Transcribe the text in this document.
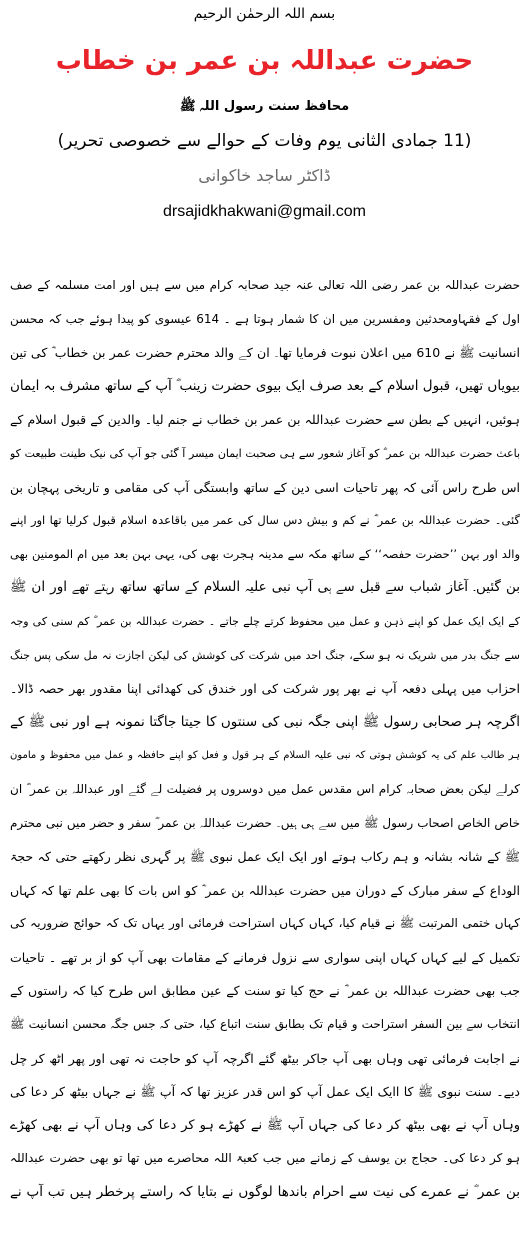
بسم اللہ الرحمٰن الرحیم
حضرت عبداللہ بن عمر بن خطاب
محافظ سنت رسول اللہ ﷺ
(11 جمادی الثانی یوم وفات کے حوالے سے خصوصی تحریر)
ڈاکٹر ساجد خاکوانی
drsajidkhakwani@gmail.com
حضرت عبداللہ بن عمر رضی اللہ تعالی عنہ جید صحابہ کرام میں سے ہیں اور امت مسلمہ کے صف
اول کے فقہاومحدثین ومفسرین میں ان کا شمار ہوتا ہے ۔ 614 عیسوی کو پیدا ہوئے جب کہ محسن
انسانیت ﷺ نے 610 میں اعلان نبوت فرمایا تھا۔ ان کے والد محترم حضرت عمر بن خطاب ؓ کی تین
بیویاں تھیں، قبول اسلام کے بعد صرف ایک بیوی حضرت زینب ؓ آپ کے ساتھ مشرف بہ ایمان
ہوئیں، انہیں کے بطن سے حضرت عبداللہ بن عمر بن خطاب نے جنم لیا۔ والدین کے قبول اسلام کے
باعث حضرت عبداللہ بن عمر ؓ کو آغاز شعور سے ہی صحبت ایمان میسر آ گئی جو آپ کی نیک طینت طبیعت کو
اس طرح راس آئی کہ پھر تاحیات اسی دین کے ساتھ وابستگی آپ کی مقامی و تاریخی پہچان بن
گئی۔ حضرت عبداللہ بن عمر ؓ نے کم و بیش دس سال کی عمر میں باقاعدہ اسلام قبول کرلیا تھا اور اپنے
والد اور بہن ’’حضرت حفصہ‘‘ کے ساتھ مکہ سے مدینہ ہجرت بھی کی، یہی بہن بعد میں ام المومنین بھی
بن گئیں۔ آغاز شباب سے قبل سے ہی آپ نبی علیہ السلام کے ساتھ ساتھ رہتے تھے اور ان ﷺ
کے ایک ایک عمل کو اپنے ذہن و عمل میں محفوظ کرتے چلے جاتے ۔ حضرت عبداللہ بن عمر ؓ کم سنی کی وجہ
سے جنگ بدر میں شریک نہ ہو سکے، جنگ احد میں شرکت کی کوشش کی لیکن اجازت نہ مل سکی پس جنگ
احزاب میں پہلی دفعہ آپ نے بھر پور شرکت کی اور خندق کی کھدائی اپنا مقدور بھر حصہ ڈالا۔
اگرچہ ہر صحابی رسول ﷺ اپنی جگہ نبی کی سنتوں کا جیتا جاگتا نمونہ ہے اور نبی ﷺ کے
ہر طالب علم کی یہ کوشش ہوتی کہ نبی علیہ السلام کے ہر قول و فعل کو اپنے حافظہ و عمل میں محفوظ و مامون
کرلے لیکن بعض صحابہ کرام اس مقدس عمل میں دوسروں پر فضیلت لے گئے اور عبداللہ بن عمر ؓ ان
خاص الخاص اصحاب رسول ﷺ میں سے ہی ہیں۔ حضرت عبداللہ بن عمر ؓ سفر و حضر میں نبی محترم
ﷺ کے شانہ بشانہ و ہم رکاب ہوتے اور ایک ایک عمل نبوی ﷺ پر گہری نظر رکھتے حتی کہ حجۃ
الوداع کے سفر مبارک کے دوران میں حضرت عبداللہ بن عمر ؓ کو اس بات کا بھی علم تھا کہ کہاں
کہاں ختمی المرتبت ﷺ نے قیام کیا، کہاں کہاں استراحت فرمائی اور یہاں تک کہ حوائج ضروریہ کی
تکمیل کے لیے کہاں کہاں اپنی سواری سے نزول فرمانے کے مقامات بھی آپ کو از بر تھے ۔ تاحیات
جب بھی حضرت عبداللہ بن عمر ؓ نے حج کیا تو سنت کے عین مطابق اس طرح کیا کہ راستوں کے
انتخاب سے بین السفر استراحت و قیام تک بطابق سنت اتباع کیا، حتی کہ جس جگہ محسن انسانیت ﷺ
نے اجابت فرمائی تھی وہاں بھی آپ جاکر بیٹھ گئے اگرچہ آپ کو حاجت نہ تھی اور پھر اٹھ کر چل
دیے۔ سنت نبوی ﷺ کا اایک ایک عمل آپ کو اس قدر عزیز تھا کہ آپ ﷺ نے جہاں بیٹھ کر دعا کی
وہاں آپ نے بھی بیٹھ کر دعا کی جہاں آپ ﷺ نے کھڑے ہو کر دعا کی وہاں آپ نے بھی کھڑے
ہو کر دعا کی۔ حجاج بن یوسف کے زمانے میں جب کعبۃ اللہ محاصرے میں تھا تو بھی حضرت عبداللہ
بن عمر ؓ نے عمرے کی نیت سے احرام باندھا لوگوں نے بتایا کہ راستے پرخطر ہیں تب آپ نے
